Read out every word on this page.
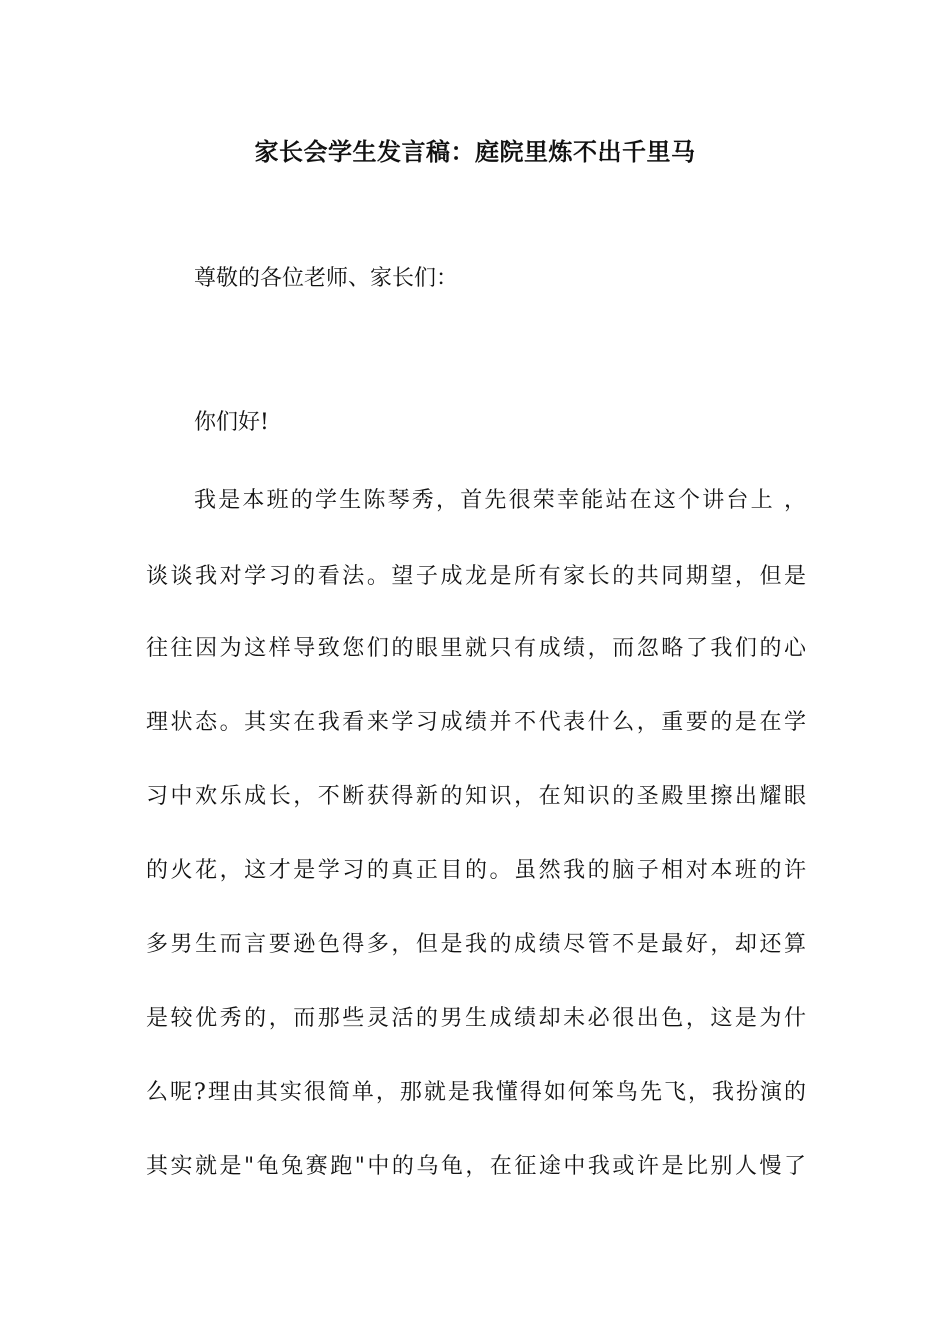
家长会学生发言稿：庭院里炼不出千里马
尊敬的各位老师、家长们：
你们好!
我是本班的学生陈琴秀，首先很荣幸能站在这个讲台上 ，
谈谈我对学习的看法。望子成龙是所有家长的共同期望，但是
往往因为这样导致您们的眼里就只有成绩，而忽略了我们的心
理状态。其实在我看来学习成绩并不代表什么，重要的是在学
习中欢乐成长，不断获得新的知识，在知识的圣殿里擦出耀眼
的火花，这才是学习的真正目的。虽然我的脑子相对本班的许
多男生而言要逊色得多，但是我的成绩尽管不是最好，却还算
是较优秀的，而那些灵活的男生成绩却未必很出色，这是为什
么呢?理由其实很简单，那就是我懂得如何笨鸟先飞，我扮演的
其实就是"龟兔赛跑"中的乌龟，在征途中我或许是比别人慢了
